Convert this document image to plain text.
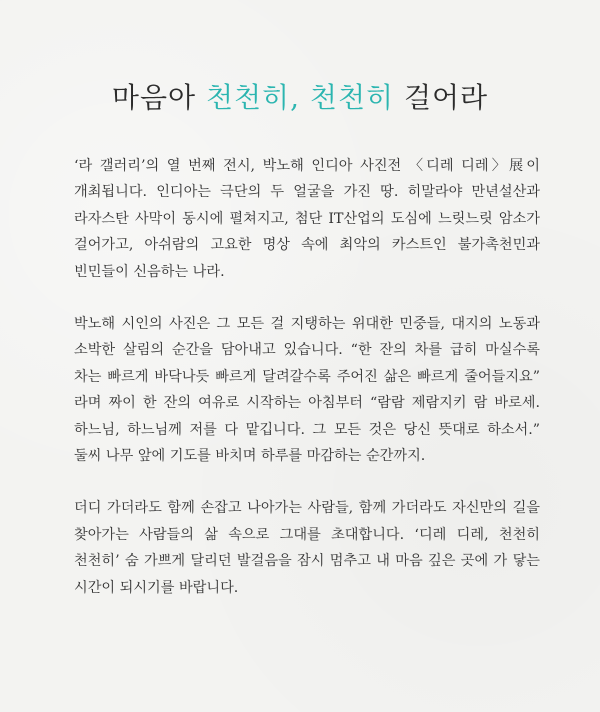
마음아 천천히, 천천히 걸어라

‘라 갤러리’의 열 번째 전시, 박노해 인디아 사진전 〈디레 디레〉展이 개최됩니다. 인디아는 극단의 두 얼굴을 가진 땅. 히말라야 만년설산과 라자스탄 사막이 동시에 펼쳐지고, 첨단 IT산업의 도심에 느릿느릿 암소가 걸어가고, 아쉬람의 고요한 명상 속에 최악의 카스트인 불가촉천민과 빈민들이 신음하는 나라.

박노해 시인의 사진은 그 모든 걸 지탱하는 위대한 민중들, 대지의 노동과 소박한 살림의 순간을 담아내고 있습니다. “한 잔의 차를 급히 마실수록 차는 빠르게 바닥나듯 빠르게 달려갈수록 주어진 삶은 빠르게 줄어들지요” 라며 짜이 한 잔의 여유로 시작하는 아침부터 “람람 제람지키 람 바로세. 하느님, 하느님께 저를 다 맡깁니다. 그 모든 것은 당신 뜻대로 하소서.” 둘씨 나무 앞에 기도를 바치며 하루를 마감하는 순간까지.

더디 가더라도 함께 손잡고 나아가는 사람들, 함께 가더라도 자신만의 길을 찾아가는 사람들의 삶 속으로 그대를 초대합니다. ‘디레 디레, 천천히 천천히’ 숨 가쁘게 달리던 발걸음을 잠시 멈추고 내 마음 깊은 곳에 가 닿는 시간이 되시기를 바랍니다.
